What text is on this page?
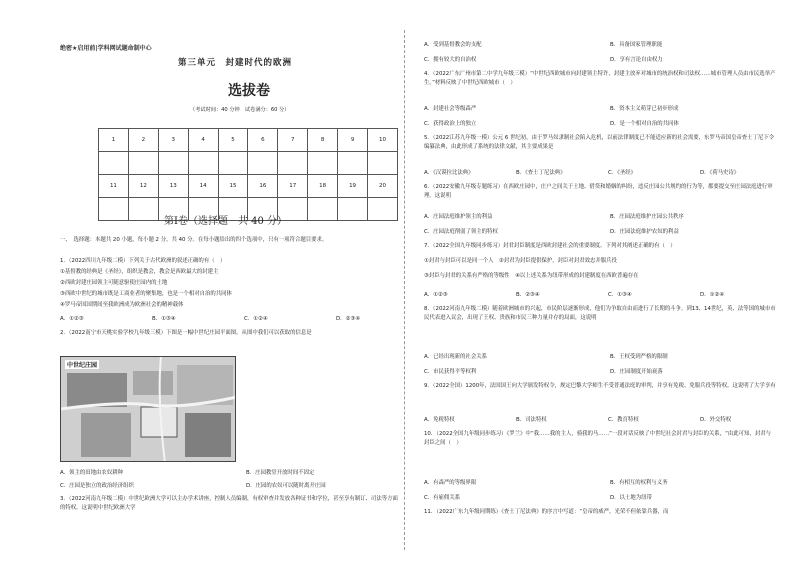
绝密★启用前|学科网试题命制中心
第三单元　封建时代的欧洲
选拔卷
（考试时间：40 分钟　试卷满分：60 分）
1	2	3	4	5	6	7	8	9	10

11	12	13	14	15	16	17	18	19	20

第Ⅰ卷（选择题　共 40 分）
一、　选择题：本题共 20 小题，每小题 2 分，共 40 分。在每小题给出的四个选项中，只有一项符合题目要求。
1．（2022四川九年级二模）下列关于古代欧洲的叙述正确的有（　）
①基督教的经典是《圣经》，组织是教会，教会是西欧最大的封建主
②西欧封建庄园领主可随意驱使庄园内的土地
③西欧中世纪的城市既是工商业者的聚集地，也是一个相对自治的共同体
④罗马帝国国期间至我欧洲成为欧洲社会的精神载体
A．①②③	B．①③④	C．①②④	D．②③④
2．（2022南宁市天桃实验学校九年级三模）下图是一幅中世纪庄园平面图，从图中我们可以获取的信息是
中世纪庄园
A．领主的田地由农奴耕种	B．庄园教堂开放时间不固定
C．庄园是独立的政治经济组织	D．庄园的农奴可以随时离开庄园
3．（2022河南九年级二模）中世纪欧洲大学可以主办学术讲座，控制人员编制，有权审查并发放各种证书和学位，甚至享有制订、司法等方面的特权。这说明中世纪欧洲大学
A．受到基督教会的支配	B．具备国家管理职能
C．拥有较大的自治权	D．享有言论自由权力
4．（2022广东广州市第二中学九年级三模）“中世纪西欧城市向封建领主特许，封建主放弃对城市的统治权和司法权……城市管理人员由市民选举产生。”材料反映了中世纪西欧城市（　）
A．封建社会等级森严	B．资本主义萌芽已初步形成
C．获得政治上的独立	D．是一个相对自治的共同体
5．（2022江苏九年级一模）公元 6 世纪初，由于罗马奴隶制社会陷入危机，以前法律制度已不能适应新的社会需要，东罗马帝国皇帝查士丁尼下令编纂法典，由此形成了系统的法律文献，其主要成果是
A．《汉谟拉比法典》	B．《查士丁尼法典》	C．《圣经》	D．《荷马史诗》
6．（2022安徽九年级专题练习）在西欧庄园中，庄户之间关于土地、借贷和婚姻的纠纷，违反庄园公共规约的行为等，都要提交至庄园法庭进行审理。这说明
A．庄园法庭维护领主的利益	B．庄园法庭维护庄园公共秩序
C．庄园法庭削弱了领主的特权	D．庄园法庭维护农奴的利益
7．（2022全国九年级同步练习）封君封臣制度是西欧封建社会的重要制度。下列对其阐述正确的有（　）
①封君与封臣可以是同一个人　②封君为封臣提供保护，封臣对封君效忠并服兵役
③封臣与封君的关系有严格的等级性　④以上述关系为纽带形成的封建制度在西欧普遍存在
A．①②③	B．②③④	C．①③④	D．①②④
8．（2022河南九年级二模）随着欧洲城市的兴起，市民阶层逐渐形成，他们为争取自由而进行了长期的斗争。到13、14世纪，英、法等国的城市市民代表进入议会，出现了王权、贵族和市民三种力量并存的局面，这说明
A．已经出现新的社会关系	B．王权受到严格的限制
C．市民获得平等权利	D．庄园制度开始衰落
9．（2022全国）1200年，法国国王向大学颁发特权令，规定巴黎大学师生不受普通法庭的审判，并享有免税、免服兵役等特权。这说明了大学享有
A．免税特权	B．司法特权	C．教育特权	D．外交特权
10．（2022全国九年级同步练习）《罗兰》中“我……我的主人，骑我的马……”一段对话反映了中世纪社会封君与封臣的关系，“由此可知，封君与封臣之间（　）
A．有森严的等级界限	B．有相互的权利与义务
C．有雇佣关系	D．以土地为纽带
11．（2022广东九年级同期练）《查士丁尼法典》的序言中写道：“皇帝的威严，光荣不但依靠兵器，而
